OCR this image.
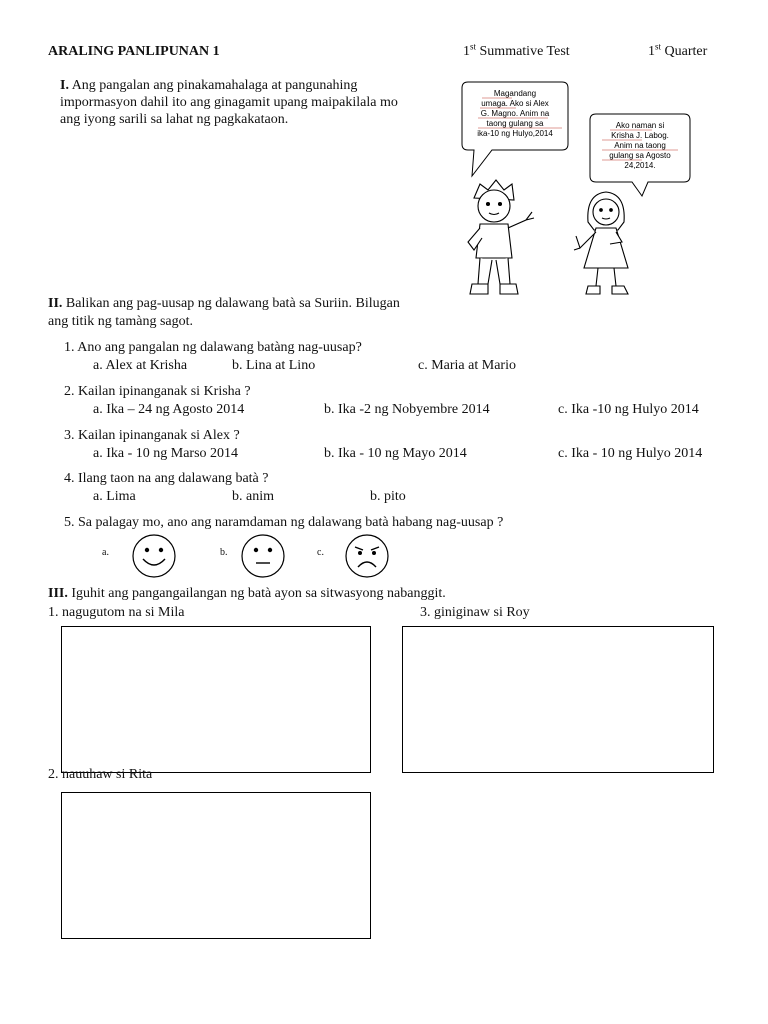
ARALING PANLIPUNAN 1	1st Summative Test	1st Quarter
I. Ang pangalan ang pinakamahalaga at pangunahing
impormasyon dahil ito ang ginagamit upang maipakilala mo
ang iyong sarili sa lahat ng pagkakataon.
Magandang
umaga. Ako si Alex
G. Magno. Anim na
taong gulang sa
ika-10 ng Hulyo,2014
Ako naman si
Krisha J. Labog.
Anim na taong
gulang sa Agosto
24,2014.
II. Balikan ang pag-uusap ng dalawang batà sa Suriin. Bilugan
ang titik ng tamàng sagot.
1. Ano ang pangalan ng dalawang batàng nag-uusap?
a. Alex at Krisha	b. Lina at Lino	c. Maria at Mario
2. Kailan ipinanganak si Krisha ?
a. Ika – 24 ng Agosto 2014	b. Ika -2 ng Nobyembre 2014	c. Ika -10 ng Hulyo 2014
3. Kailan ipinanganak si Alex ?
a. Ika - 10 ng Marso 2014	b. Ika - 10 ng Mayo 2014	c. Ika - 10 ng Hulyo 2014
4. Ilang taon na ang dalawang batà ?
a. Lima	b. anim	b. pito
5. Sa palagay mo, ano ang naramdaman ng dalawang batà habang nag-uusap ?
a.	b.	c.
III. Iguhit ang pangangailangan ng batà ayon sa sitwasyong nabanggit.
1. nagugutom na si Mila	3. giniginaw si Roy
2. nauuhaw si Rita
